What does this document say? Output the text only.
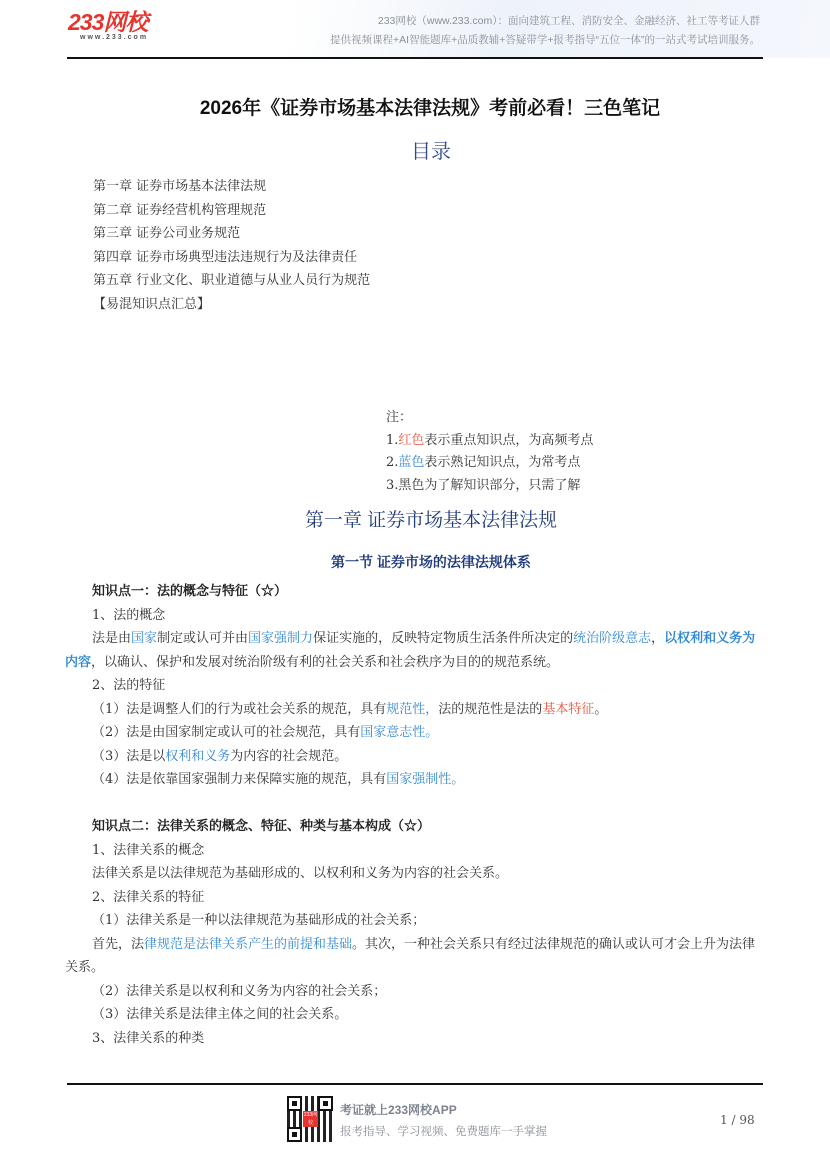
233网校
www.233.com
233网校（www.233.com）：面向建筑工程、消防安全、金融经济、社工等考证人群
提供视频课程+AI智能题库+品质教辅+答疑带学+报考指导“五位一体”的一站式考试培训服务。
2026年《证券市场基本法律法规》考前必看！三色笔记
目录
第一章 证券市场基本法律法规
第二章 证券经营机构管理规范
第三章 证券公司业务规范
第四章 证券市场典型违法违规行为及法律责任
第五章 行业文化、职业道德与从业人员行为规范
【易混知识点汇总】
注：
1.红色表示重点知识点，为高频考点
2.蓝色表示熟记知识点，为常考点
3.黑色为了解知识部分，只需了解
第一章 证券市场基本法律法规
第一节 证券市场的法律法规体系

知识点一：法的概念与特征（☆）

1、法的概念

法是由国家制定或认可并由国家强制力保证实施的，反映特定物质生活条件所决定的统治阶级意志，以权利和义务为内容，以确认、保护和发展对统治阶级有利的社会关系和社会秩序为目的的规范系统。

2、法的特征

（1）法是调整人们的行为或社会关系的规范，具有规范性，法的规范性是法的基本特征。

（2）法是由国家制定或认可的社会规范，具有国家意志性。

（3）法是以权利和义务为内容的社会规范。

（4）法是依靠国家强制力来保障实施的规范，具有国家强制性。

知识点二：法律关系的概念、特征、种类与基本构成（☆）

1、法律关系的概念

法律关系是以法律规范为基础形成的、以权利和义务为内容的社会关系。

2、法律关系的特征

（1）法律关系是一种以法律规范为基础形成的社会关系；

首先，法律规范是法律关系产生的前提和基础。其次，一种社会关系只有经过法律规范的确认或认可才会上升为法律关系。

（2）法律关系是以权利和义务为内容的社会关系；

（3）法律关系是法律主体之间的社会关系。

3、法律关系的种类

233网校
考证就上233网校APP
报考指导、学习视频、免费题库一手掌握
1 / 98
